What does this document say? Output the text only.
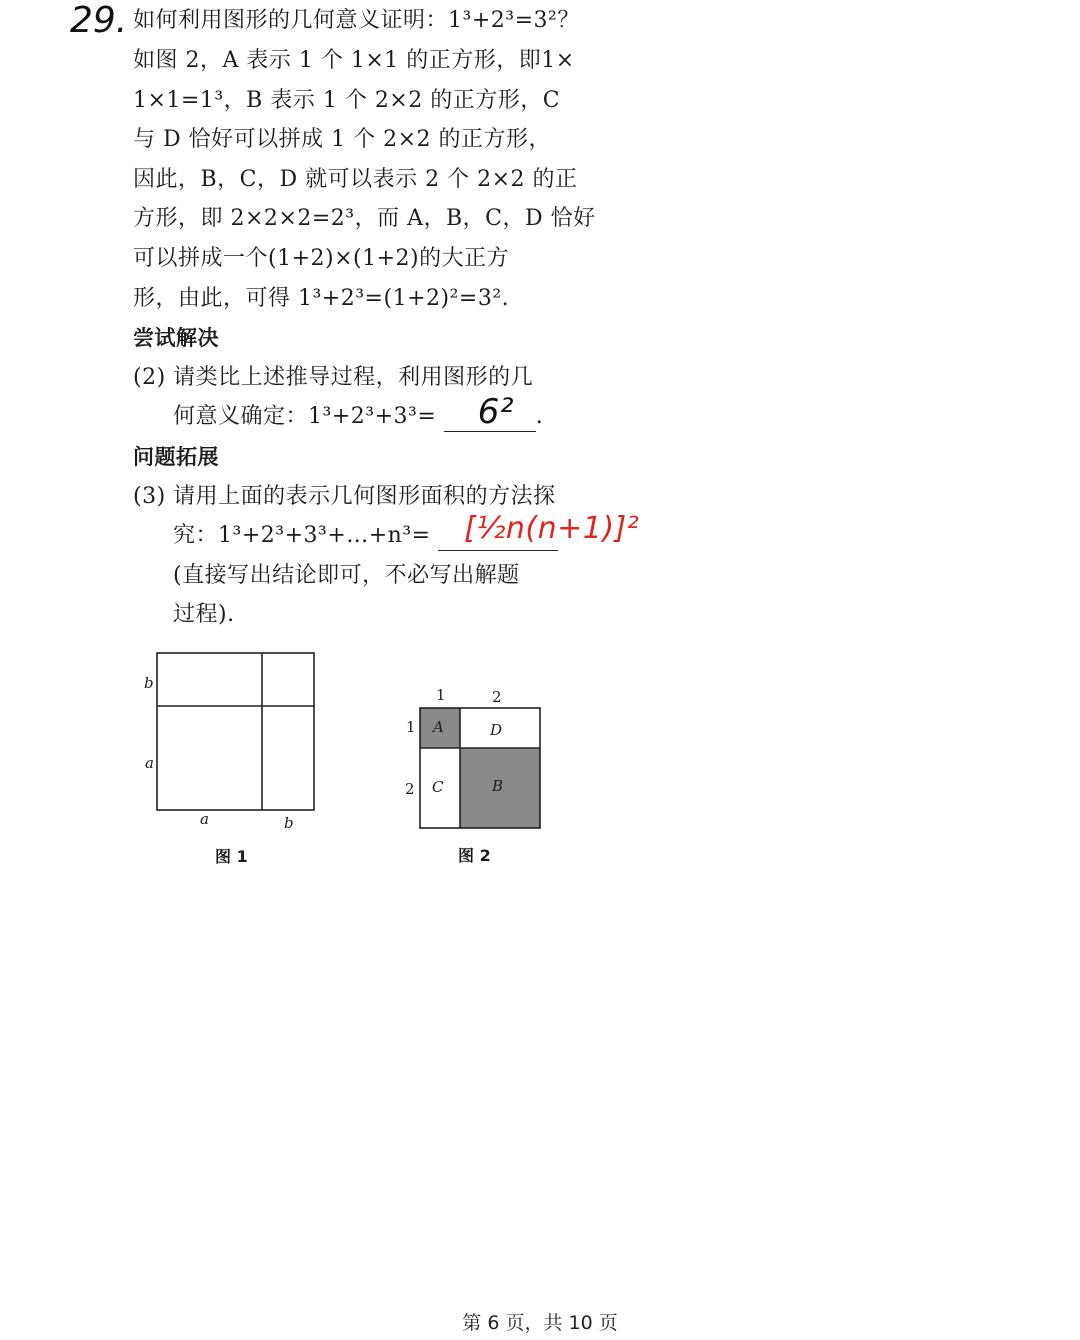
29. 如何利用图形的几何意义证明：1³+2³=3²？
如图 2，A 表示 1 个 1×1 的正方形，即1×
1×1=1³，B 表示 1 个 2×2 的正方形，C
与 D 恰好可以拼成 1 个 2×2 的正方形，
因此，B，C，D 就可以表示 2 个 2×2 的正
方形，即 2×2×2=2³，而 A，B，C，D 恰好
可以拼成一个(1+2)×(1+2)的大正方
形，由此，可得 1³+2³=(1+2)²=3².
尝试解决
(2) 请类比上述推导过程，利用图形的几
何意义确定：1³+2³+3³= 6² .
问题拓展
(3) 请用上面的表示几何图形面积的方法探
究：1³+2³+3³+…+n³= [½n(n+1)]²
(直接写出结论即可，不必写出解题
过程).
b
a
a	b
图 1
1	2
1
2
A	D
C	B
图 2
第 6 页，共 10 页
